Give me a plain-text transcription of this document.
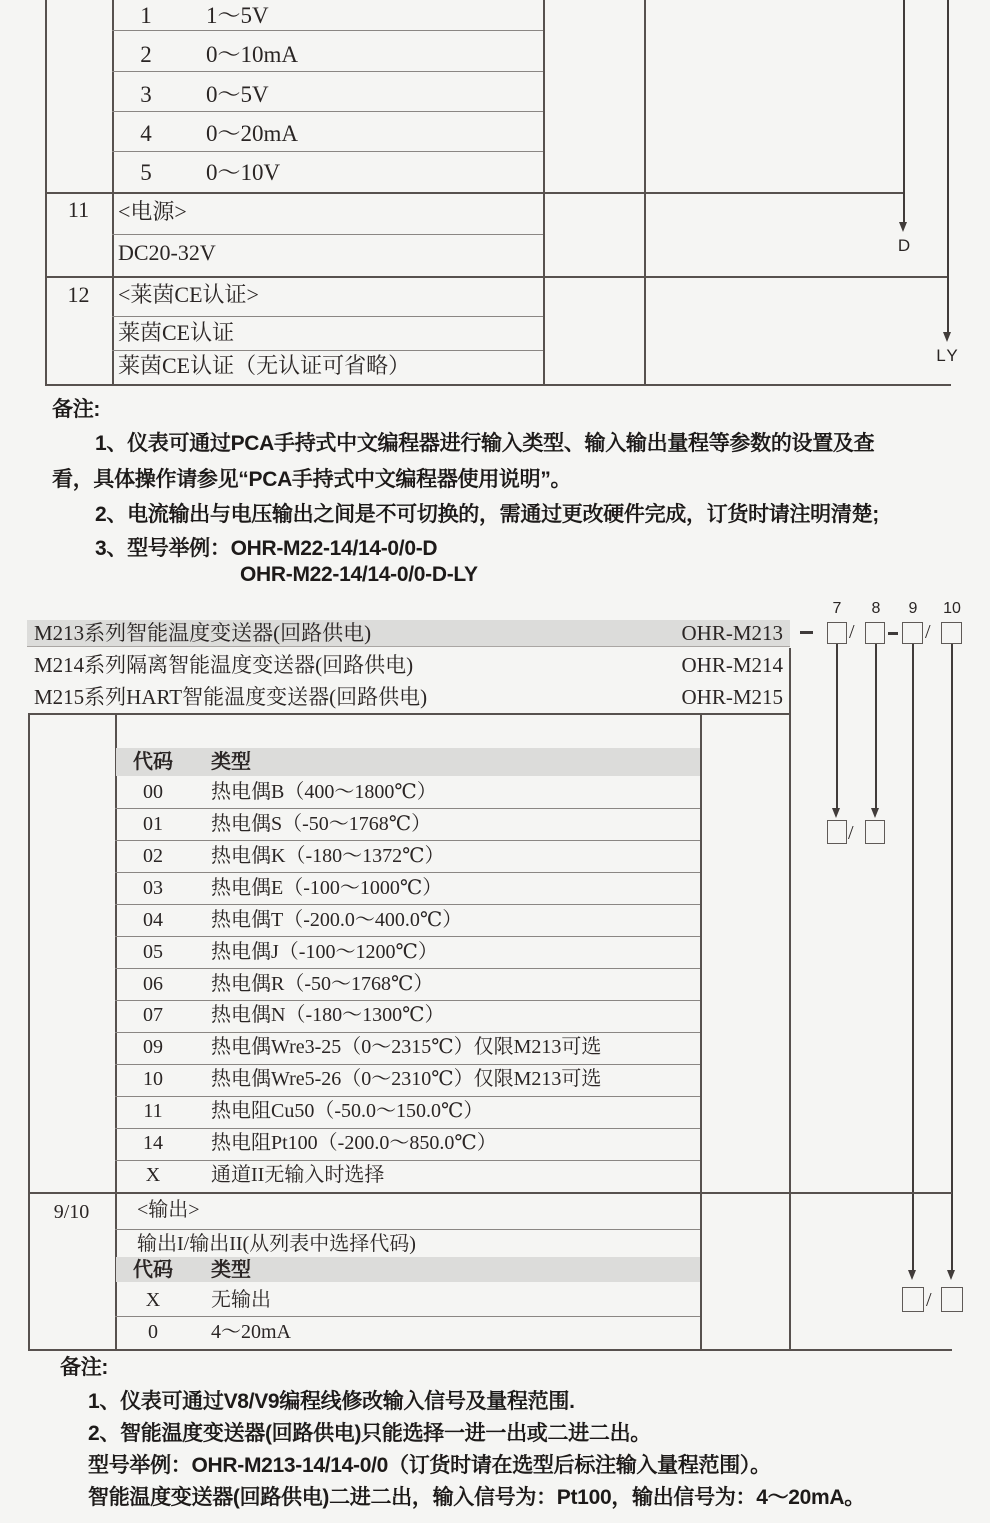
1	1～5V
2	0～10mA
3	0～5V
4	0～20mA
5	0～10V
11	<电源>
DC20-32V
12	<莱茵CE认证>
莱茵CE认证
莱茵CE认证（无认证可省略）
D
LY
备注:
1、仪表可通过PCA手持式中文编程器进行输入类型、输入输出量程等参数的设置及查
看，具体操作请参见“PCA手持式中文编程器使用说明”。
2、电流输出与电压输出之间是不可切换的，需通过更改硬件完成，订货时请注明清楚;
3、型号举例：OHR-M22-14/14-0/0-D
OHR-M22-14/14-0/0-D-LY
7	8	9	10
M213系列智能温度变送器(回路供电)	OHR-M213
M214系列隔离智能温度变送器(回路供电)	OHR-M214
M215系列HART智能温度变送器(回路供电)	OHR-M215
/	/
/
/
代码	类型
00	热电偶B（400～1800℃）
01	热电偶S（-50～1768℃）
02	热电偶K（-180～1372℃）
03	热电偶E（-100～1000℃）
04	热电偶T（-200.0～400.0℃）
05	热电偶J（-100～1200℃）
06	热电偶R（-50～1768℃）
07	热电偶N（-180～1300℃）
09	热电偶Wre3-25（0～2315℃）仅限M213可选
10	热电偶Wre5-26（0～2310℃）仅限M213可选
11	热电阻Cu50（-50.0～150.0℃）
14	热电阻Pt100（-200.0～850.0℃）
X	通道II无输入时选择
9/10	<输出>
输出I/输出II(从列表中选择代码)
代码	类型
X	无输出
0	4～20mA
备注:
1、仪表可通过V8/V9编程线修改输入信号及量程范围.
2、智能温度变送器(回路供电)只能选择一进一出或二进二出。
型号举例：OHR-M213-14/14-0/0（订货时请在选型后标注输入量程范围）。
智能温度变送器(回路供电)二进二出，输入信号为：Pt100，输出信号为：4～20mA。
